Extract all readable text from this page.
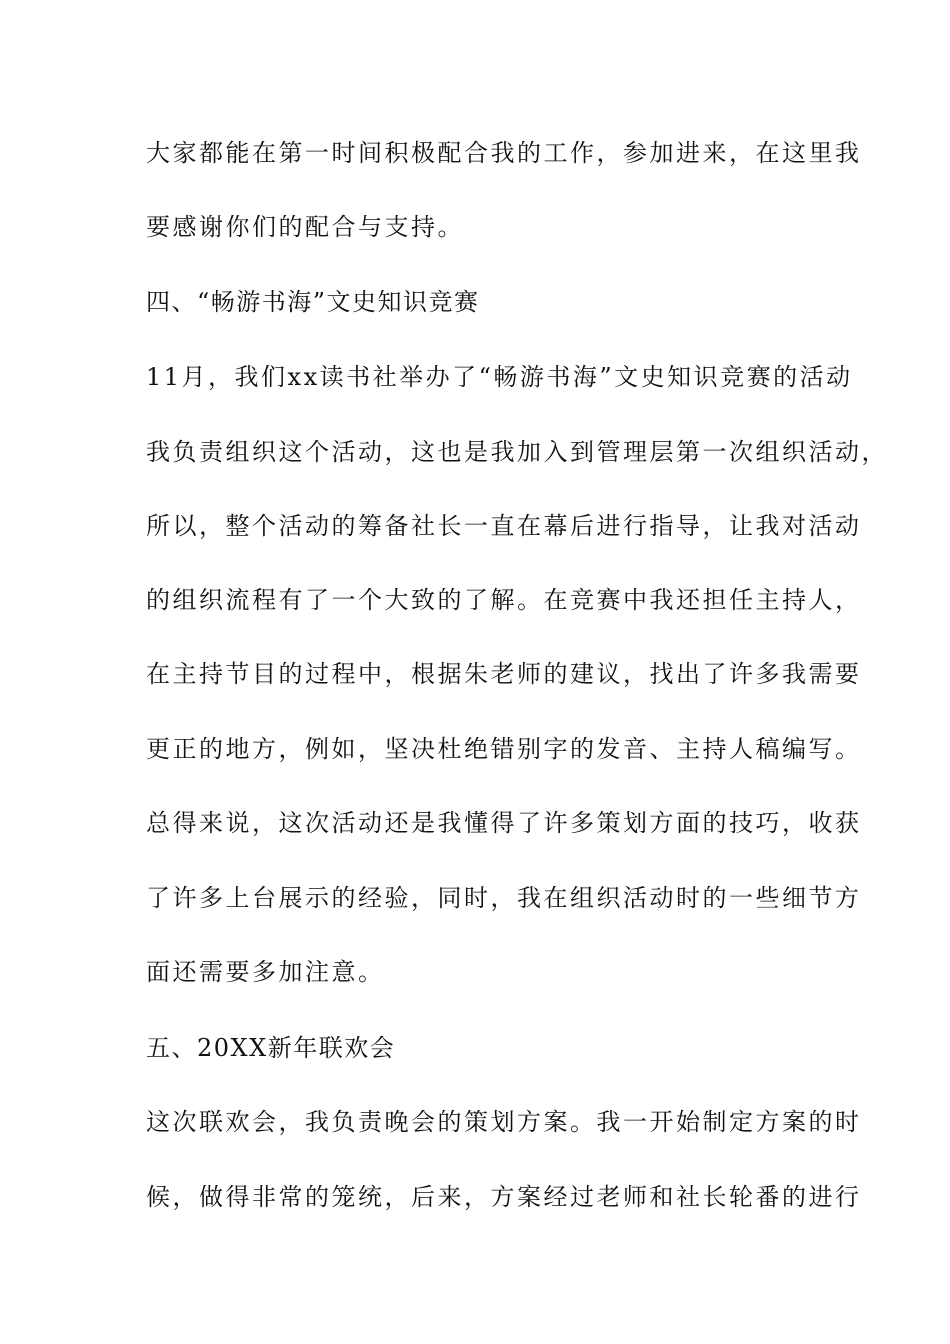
大家都能在第一时间积极配合我的工作，参加进来，在这里我
要感谢你们的配合与支持。
四、“畅游书海”文史知识竞赛
11月，我们xx读书社举办了“畅游书海”文史知识竞赛的活动
我负责组织这个活动，这也是我加入到管理层第一次组织活动，
所以，整个活动的筹备社长一直在幕后进行指导，让我对活动
的组织流程有了一个大致的了解。在竞赛中我还担任主持人，
在主持节目的过程中，根据朱老师的建议，找出了许多我需要
更正的地方，例如，坚决杜绝错别字的发音、主持人稿编写。
总得来说，这次活动还是我懂得了许多策划方面的技巧，收获
了许多上台展示的经验，同时，我在组织活动时的一些细节方
面还需要多加注意。
五、20XX新年联欢会
这次联欢会，我负责晚会的策划方案。我一开始制定方案的时
候，做得非常的笼统，后来，方案经过老师和社长轮番的进行
